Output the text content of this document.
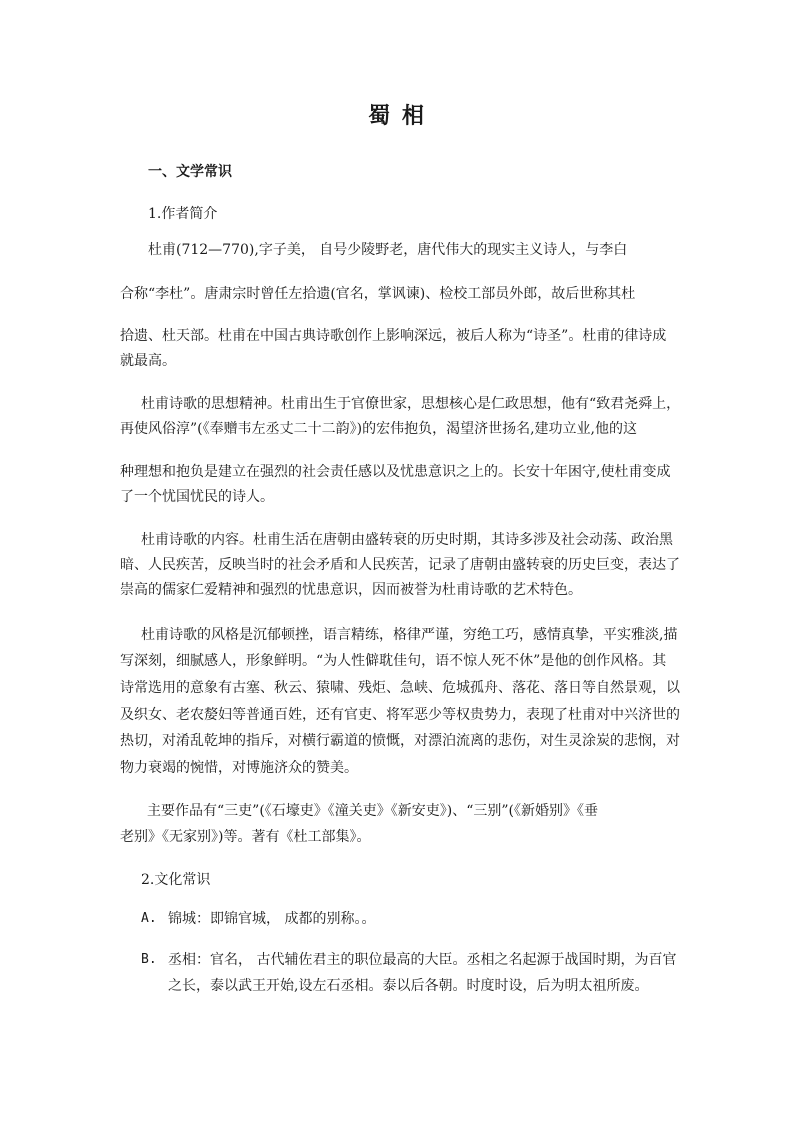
蜀 相
一、文学常识
1.作者简介
杜甫(712—770),字子美， 自号少陵野老，唐代伟大的现实主义诗人，与李白
合称“李杜”。唐肃宗时曾任左拾遗(官名，掌讽谏)、检校工部员外郎，故后世称其杜
拾遗、杜天部。杜甫在中国古典诗歌创作上影响深远，被后人称为“诗圣”。杜甫的律诗成
就最高。
杜甫诗歌的思想精神。杜甫出生于官僚世家，思想核心是仁政思想，他有“致君尧舜上，
再使风俗淳”(《奉赠韦左丞丈二十二韵》)的宏伟抱负，渴望济世扬名,建功立业,他的这
种理想和抱负是建立在强烈的社会责任感以及忧患意识之上的。长安十年困守,使杜甫变成
了一个忧国忧民的诗人。
杜甫诗歌的内容。杜甫生活在唐朝由盛转衰的历史时期，其诗多涉及社会动荡、政治黑
暗、人民疾苦，反映当时的社会矛盾和人民疾苦，记录了唐朝由盛转衰的历史巨变，表达了
崇高的儒家仁爱精神和强烈的忧患意识，因而被誉为杜甫诗歌的艺术特色。
杜甫诗歌的风格是沉郁顿挫，语言精练，格律严谨，穷绝工巧，感情真挚，平实雅淡,描
写深刻，细腻感人，形象鲜明。“为人性僻耽佳句，语不惊人死不休”是他的创作风格。其
诗常选用的意象有古塞、秋云、猿啸、残炬、急峡、危城孤舟、落花、落日等自然景观，以
及织女、老农嫠妇等普通百姓，还有官吏、将军恶少等权贵势力，表现了杜甫对中兴济世的
热切，对淆乱乾坤的指斥，对横行霸道的愤慨，对漂泊流离的悲伤，对生灵涂炭的悲悯，对
物力衰竭的惋惜，对博施济众的赞美。
主要作品有“三吏”(《石壕吏》《潼关吏》《新安吏》)、“三别”(《新婚别》《垂
老别》《无家别》)等。著有《杜工部集》。
2.文化常识
A. 锦城：即锦官城， 成都的别称。。
B. 丞相：官名， 古代辅佐君主的职位最高的大臣。丞相之名起源于战国时期，为百官
之长，泰以武王开始,设左石丞相。泰以后各朝。时度时设，后为明太祖所废。
